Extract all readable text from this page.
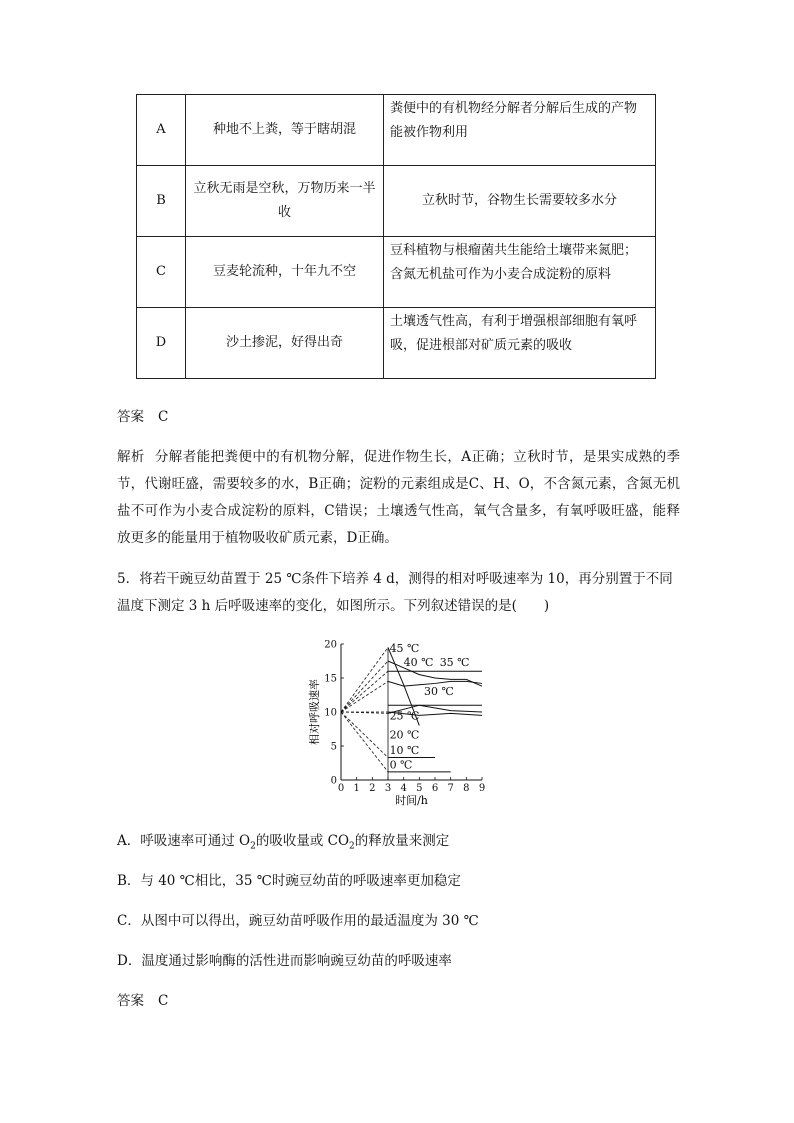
A	种地不上粪，等于瞎胡混	粪便中的有机物经分解者分解后生成的产物能被作物利用
B	立秋无雨是空秋，万物历来一半收	立秋时节，谷物生长需要较多水分
C	豆麦轮流种，十年九不空	豆科植物与根瘤菌共生能给土壤带来氮肥；含氮无机盐可作为小麦合成淀粉的原料
D	沙土掺泥，好得出奇	土壤透气性高，有利于增强根部细胞有氧呼吸，促进根部对矿质元素的吸收
答案 C
解析 分解者能把粪便中的有机物分解，促进作物生长，A正确；立秋时节，是果实成熟的季节，代谢旺盛，需要较多的水，B正确；淀粉的元素组成是C、H、O，不含氮元素，含氮无机盐不可作为小麦合成淀粉的原料，C错误；土壤透气性高，氧气含量多，有氧呼吸旺盛，能释放更多的能量用于植物吸收矿质元素，D正确。
5．将若干豌豆幼苗置于 25 ℃条件下培养 4 d，测得的相对呼吸速率为 10，再分别置于不同
温度下测定 3 h 后呼吸速率的变化，如图所示。下列叙述错误的是(　　)
0 1 2 3 4 5 6 7 8 9
0
5
10
15
20	45 ℃
40 ℃ 35 ℃
30 ℃
25 ℃
20 ℃
10 ℃
0 ℃
相对呼吸速率
时间/h
A．呼吸速率可通过 $O_2$的吸收量或 $CO_2$的释放量来测定
B．与 40 ℃相比，35 ℃时豌豆幼苗的呼吸速率更加稳定
C．从图中可以得出，豌豆幼苗呼吸作用的最适温度为 30 ℃
D．温度通过影响酶的活性进而影响豌豆幼苗的呼吸速率
答案 C
